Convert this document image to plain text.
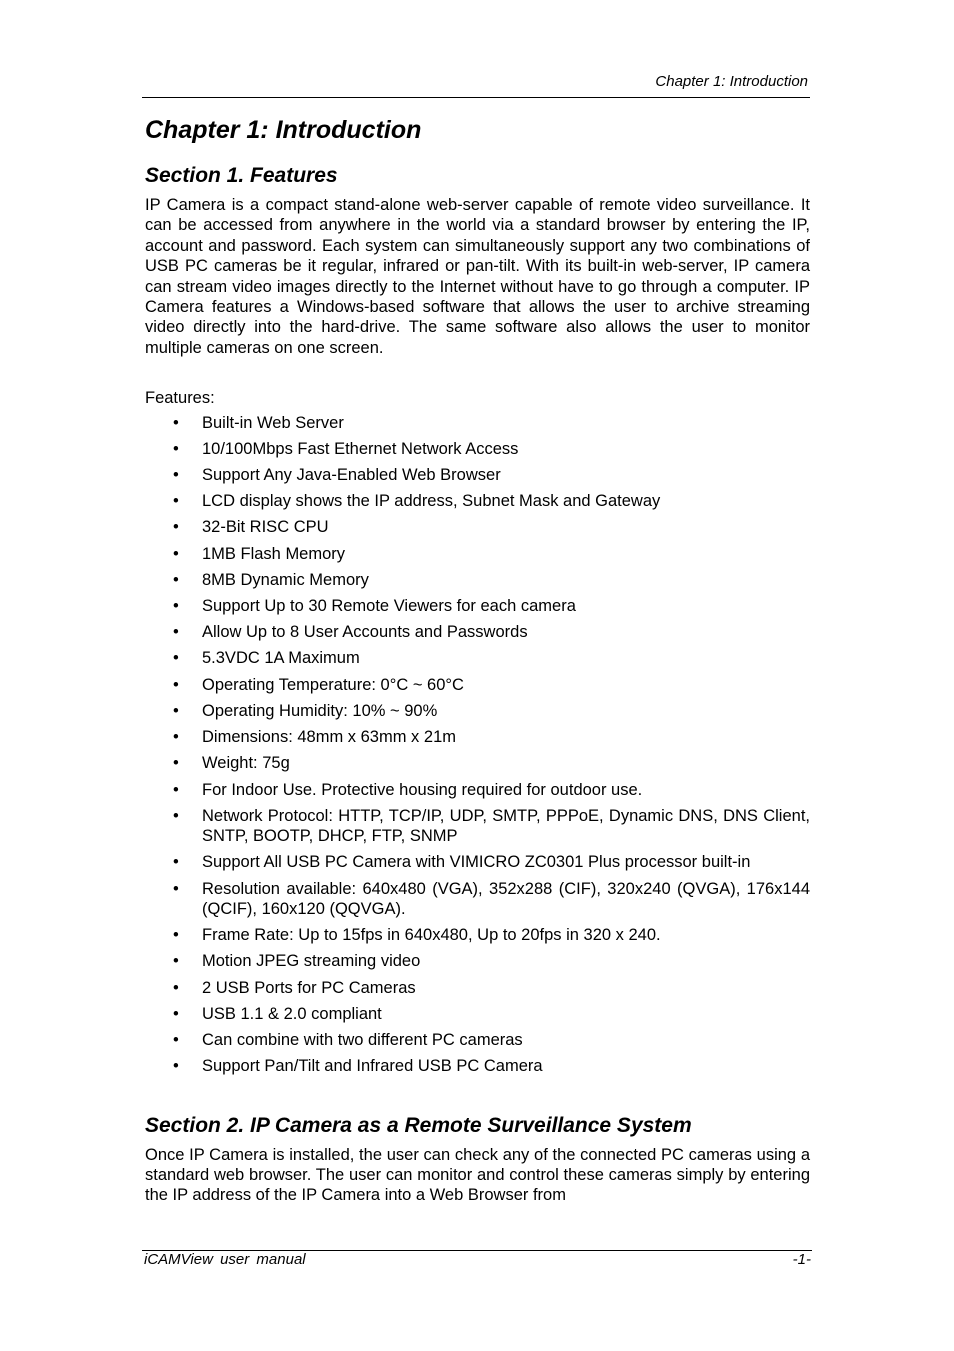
Chapter 1: Introduction
Chapter 1: Introduction
Section 1. Features

IP Camera is a compact stand-alone web-server capable of remote video surveillance. It can be accessed from anywhere in the world via a standard browser by entering the IP, account and password. Each system can simultaneously support any two combinations of USB PC cameras be it regular, infrared or pan-tilt. With its built-in web-server, IP camera can stream video images directly to the Internet without have to go through a computer. IP Camera features a Windows-based software that allows the user to archive streaming video directly into the hard-drive. The same software also allows the user to monitor multiple cameras on one screen.

Features:

• Built-in Web Server
• 10/100Mbps Fast Ethernet Network Access
• Support Any Java-Enabled Web Browser
• LCD display shows the IP address, Subnet Mask and Gateway
• 32-Bit RISC CPU
• 1MB Flash Memory
• 8MB Dynamic Memory
• Support Up to 30 Remote Viewers for each camera
• Allow Up to 8 User Accounts and Passwords
• 5.3VDC 1A Maximum
• Operating Temperature: 0°C ~ 60°C
• Operating Humidity: 10% ~ 90%
• Dimensions: 48mm x 63mm x 21m
• Weight: 75g
• For Indoor Use. Protective housing required for outdoor use.
• Network Protocol: HTTP, TCP/IP, UDP, SMTP, PPPoE, Dynamic DNS, DNS Client, SNTP, BOOTP, DHCP, FTP, SNMP
• Support All USB PC Camera with VIMICRO ZC0301 Plus processor built-in
• Resolution available: 640x480 (VGA), 352x288 (CIF), 320x240 (QVGA), 176x144 (QCIF), 160x120 (QQVGA).
• Frame Rate: Up to 15fps in 640x480, Up to 20fps in 320 x 240.
• Motion JPEG streaming video
• 2 USB Ports for PC Cameras
• USB 1.1 & 2.0 compliant
• Can combine with two different PC cameras
• Support Pan/Tilt and Infrared USB PC Camera
Section 2. IP Camera as a Remote Surveillance System

Once IP Camera is installed, the user can check any of the connected PC cameras using a standard web browser. The user can monitor and control these cameras simply by entering the IP address of the IP Camera into a Web Browser from

iCAMView user manual	-1-
